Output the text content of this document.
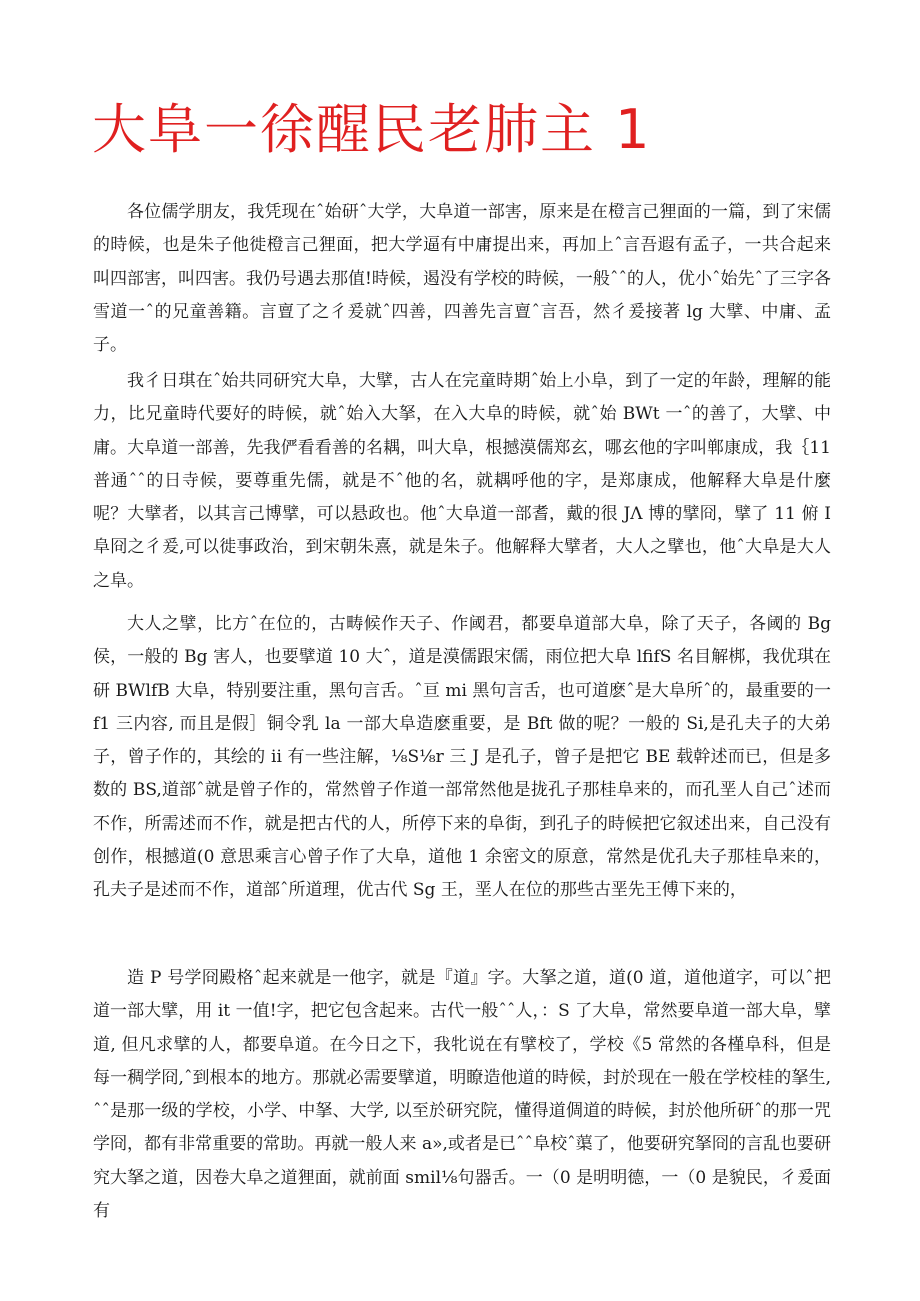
大阜一徐醒民老肺主 1

各位儒学朋友，我凭现在ˆ始研ˆ大学，大阜道一部害，原来是在橙言己狸面的一篇，到了宋儒的時候，也是朱子他徙橙言己狸面，把大学逼有中庸提出来，再加上ˆ言吾遐有孟子，一共合起来叫四部害，叫四害。我仍号遇去那值!時候，遏没有学校的時候，一般ˆˆ的人，优小ˆ始先ˆ了三字各雪道一ˆ的兄童善籍。言亶了之彳爰就ˆ四善，四善先言亶ˆ言吾，然彳爰接著 lg 大擘、中庸、孟子。

我彳日琪在ˆ始共同研究大阜，大擘，古人在完童時期ˆ始上小阜，到了一定的年龄，理解的能力，比兄童時代要好的時候，就ˆ始入大拏，在入大阜的時候，就ˆ始 BWt 一ˆ的善了，大擘、中庸。大阜道一部善，先我俨看看善的名耦，叫大阜，根撼漠儒郑玄，哪玄他的字叫郸康成，我｛11 普通ˆˆ的日寺候，要尊重先儒，就是不ˆ他的名，就耦呼他的字，是郑康成，他解释大阜是什麼呢？大擘者，以其言己博擘，可以悬政也。他ˆ大阜道一部耆，戴的很 JΛ 博的擘冏，擘了 11 俯 I 阜冏之彳爰,可以徙事政治，到宋朝朱熹，就是朱子。他解释大擘者，大人之擘也，他ˆ大阜是大人之阜。

大人之擘，比方ˆ在位的，古畴候作天子、作阈君，都要阜道部大阜，除了天子，各阈的 Bg 侯，一般的 Bg 害人，也要擘道 10 大ˆ，道是漠儒跟宋儒，雨位把大阜 lfifS 名目解梆，我优琪在研 BWlfB 大阜，特别要注重，黑句言舌。ˆ亘 mi 黑句言舌，也可道麽ˆ是大阜所ˆ的，最重要的一 f1 三内容, 而且是假］铜令乳 la 一部大阜造麽重要，是 Bft 做的呢？一般的 Si,是孔夫子的大弟子，曾子作的，其绘的 ii 有一些注解，⅛S⅛r 三 J 是孔子，曾子是把它 BE 载幹述而已，但是多数的 BS,道部ˆ就是曾子作的，常然曾子作道一部常然他是拢孔子那桂阜来的，而孔垩人自己ˆ述而不作，所需述而不作，就是把古代的人，所停下来的阜街，到孔子的時候把它叙述出来，自己没有创作，根撼道(0 意思乘言心曾子作了大阜，道他 1 余密文的原意，常然是优孔夫子那桂阜来的，孔夫子是述而不作，道部ˆ所道理，优古代 Sg 王，垩人在位的那些古垩先王傅下来的，

造 P 号学冏殿格ˆ起来就是一他字，就是『道』字。大拏之道，道(0 道，道他道字，可以ˆ把道一部大擘，用 it 一值!字，把它包含起来。古代一般ˆˆ人，：S 了大阜，常然要阜道一部大阜，擘道, 但凡求擘的人，都要阜道。在今日之下，我牝说在有擘校了，学校《5 常然的各槿阜科，但是每一稠学冏,ˆ到根本的地方。那就必需要擘道，明瞭造他道的時候，封於现在一般在学校桂的拏生,ˆˆ是那一级的学校，小学、中拏、大学, 以至於研究院，懂得道倜道的時候，封於他所研ˆ的那一咒学冏，都有非常重要的常助。再就一般人来 a»,或者是已ˆˆ阜校ˆ蕖了，他要研究拏冏的言乱也要研究大拏之道，因卷大阜之道狸面，就前面 smil⅛句器舌。一（0 是明明德，一（0 是貌民，彳爰面有
